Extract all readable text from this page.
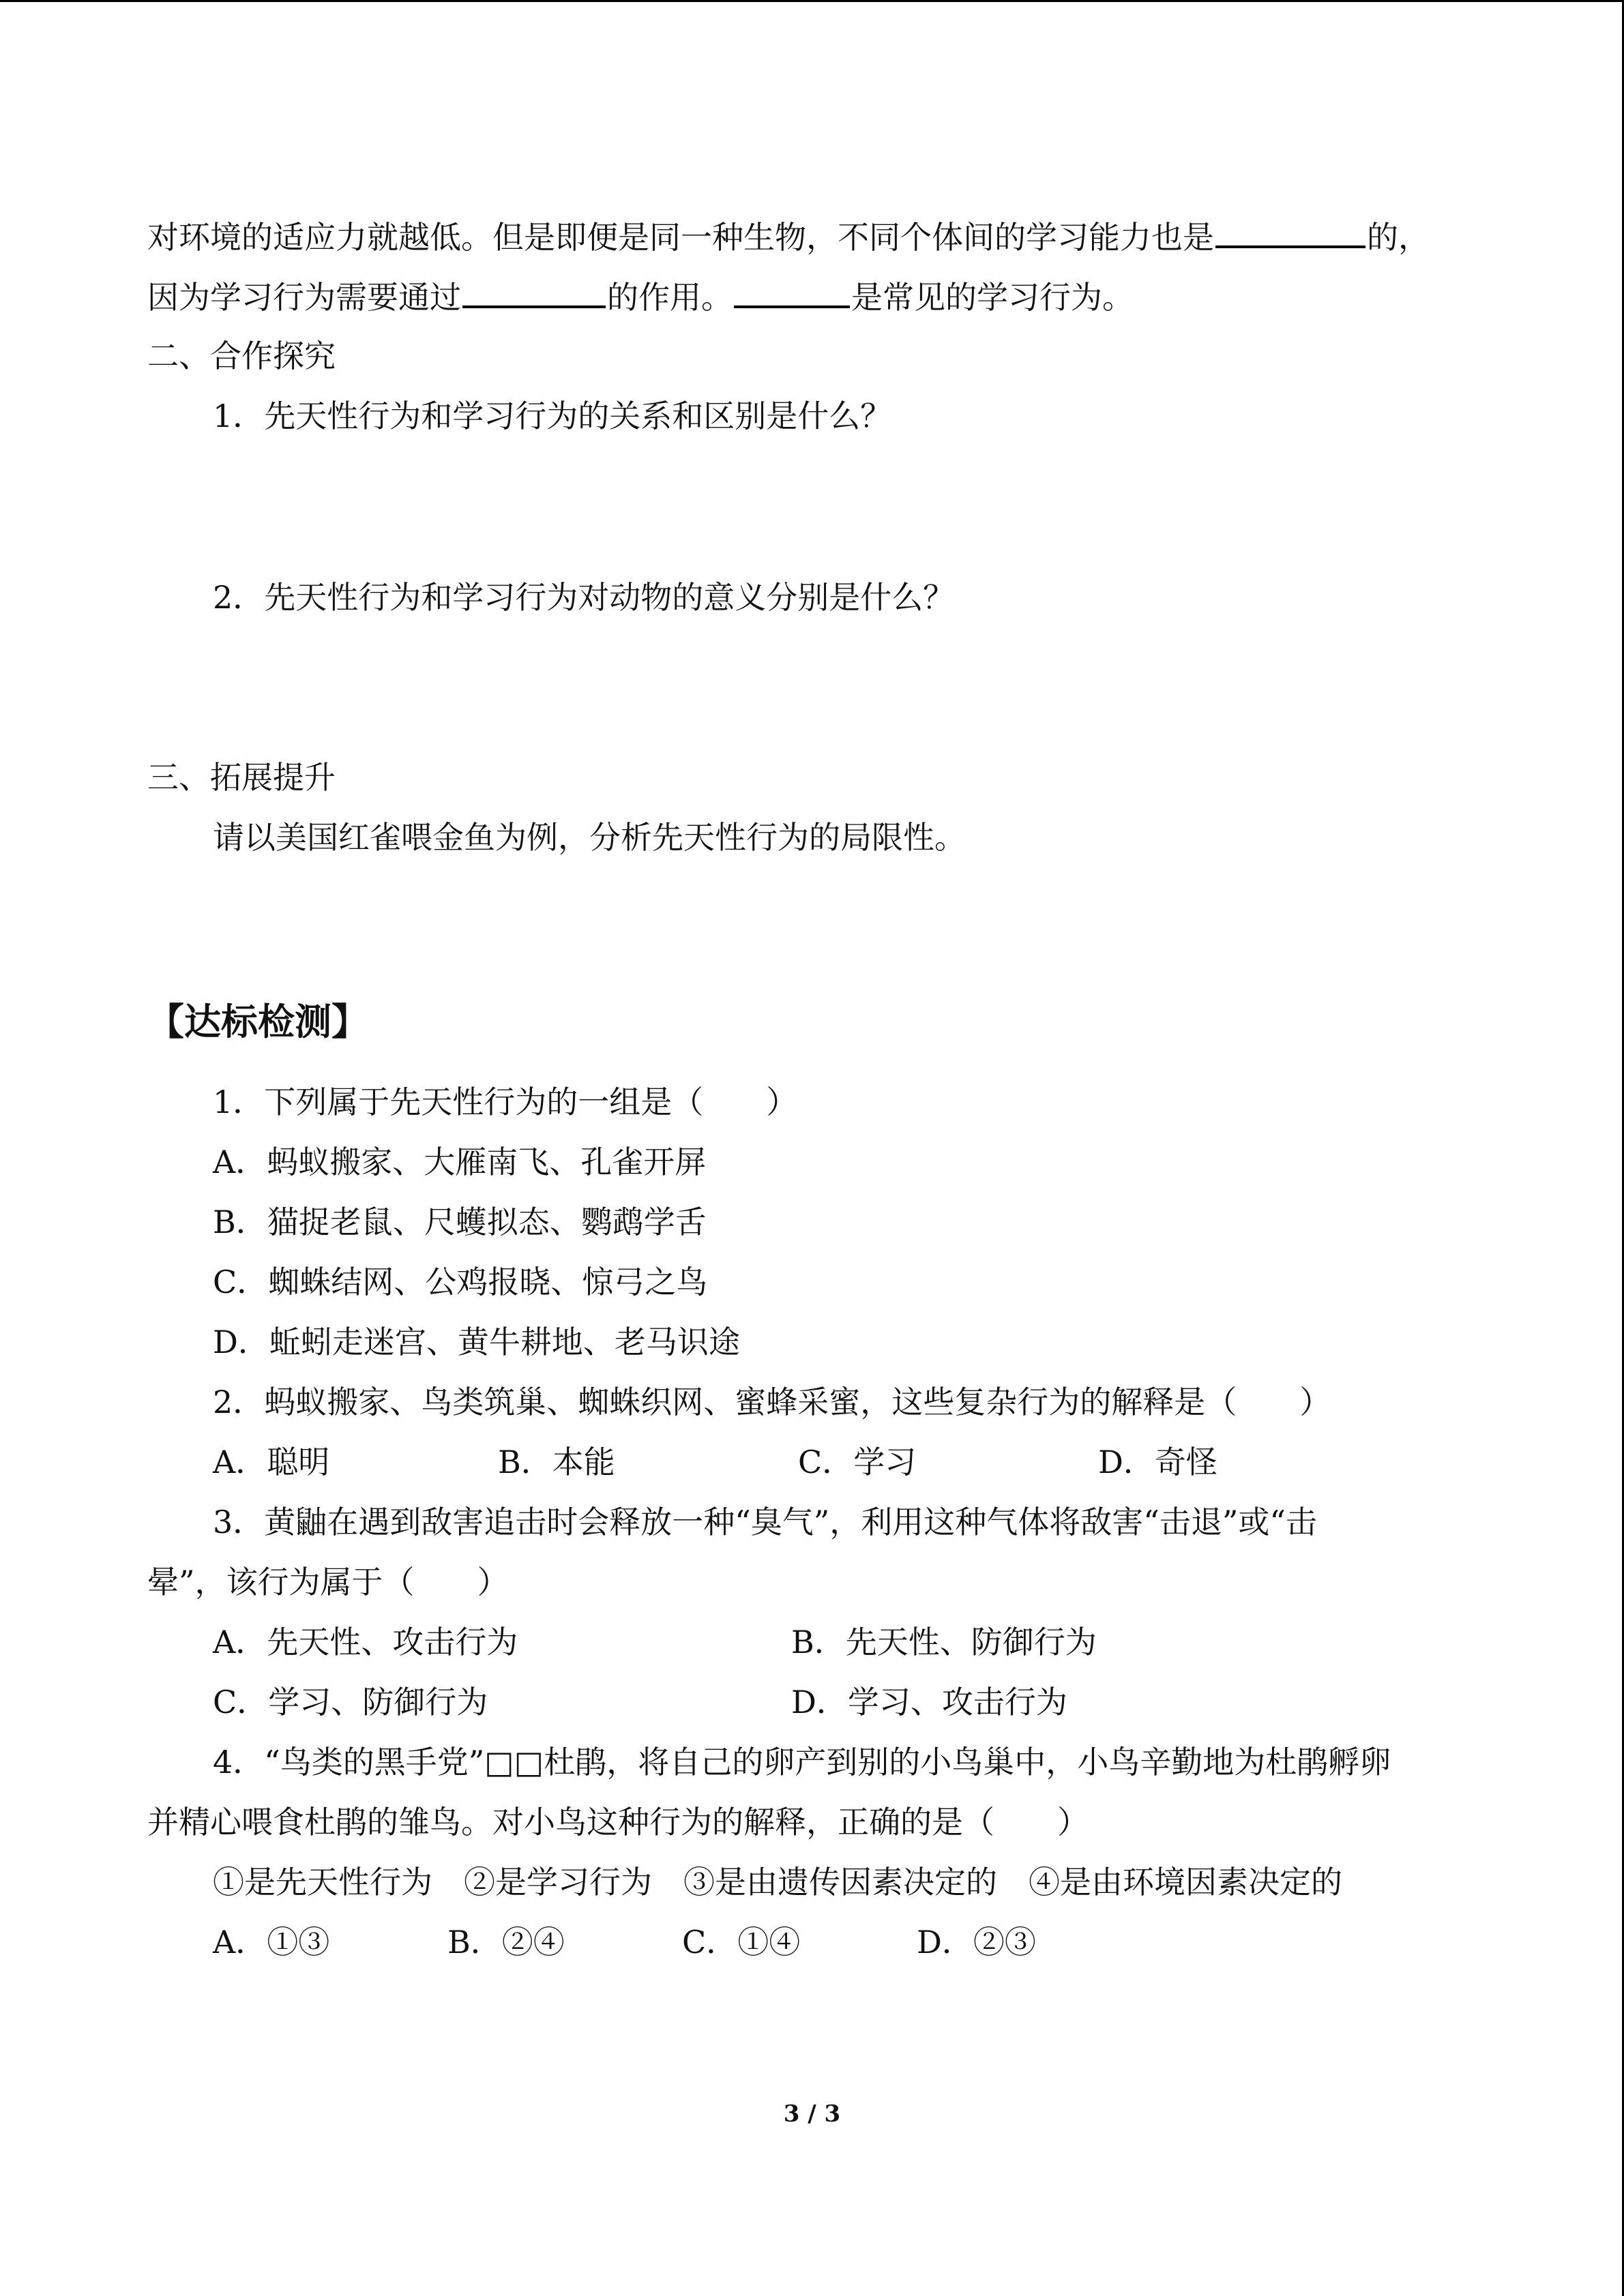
对环境的适应力就越低。但是即便是同一种生物，不同个体间的学习能力也是	的，
因为学习行为需要通过	的作用。	是常见的学习行为。
二、合作探究
1．先天性行为和学习行为的关系和区别是什么？
2．先天性行为和学习行为对动物的意义分别是什么？
三、拓展提升
请以美国红雀喂金鱼为例，分析先天性行为的局限性。
【达标检测】
1．下列属于先天性行为的一组是（　　）
A．蚂蚁搬家、大雁南飞、孔雀开屏
B．猫捉老鼠、尺蠖拟态、鹦鹉学舌
C．蜘蛛结网、公鸡报晓、惊弓之鸟
D．蚯蚓走迷宫、黄牛耕地、老马识途
2．蚂蚁搬家、鸟类筑巢、蜘蛛织网、蜜蜂采蜜，这些复杂行为的解释是（　　）
A．聪明	B．本能	C．学习	D．奇怪
3．黄鼬在遇到敌害追击时会释放一种“臭气”，利用这种气体将敌害“击退”或“击
晕”，该行为属于（　　）
A．先天性、攻击行为	B．先天性、防御行为
C．学习、防御行为	D．学习、攻击行为
4．“鸟类的黑手党”□□杜鹃，将自己的卵产到别的小鸟巢中，小鸟辛勤地为杜鹃孵卵
并精心喂食杜鹃的雏鸟。对小鸟这种行为的解释，正确的是（　　）
①是先天性行为　②是学习行为　③是由遗传因素决定的　④是由环境因素决定的
A．①③	B．②④	C．①④	D．②③
3 / 3
